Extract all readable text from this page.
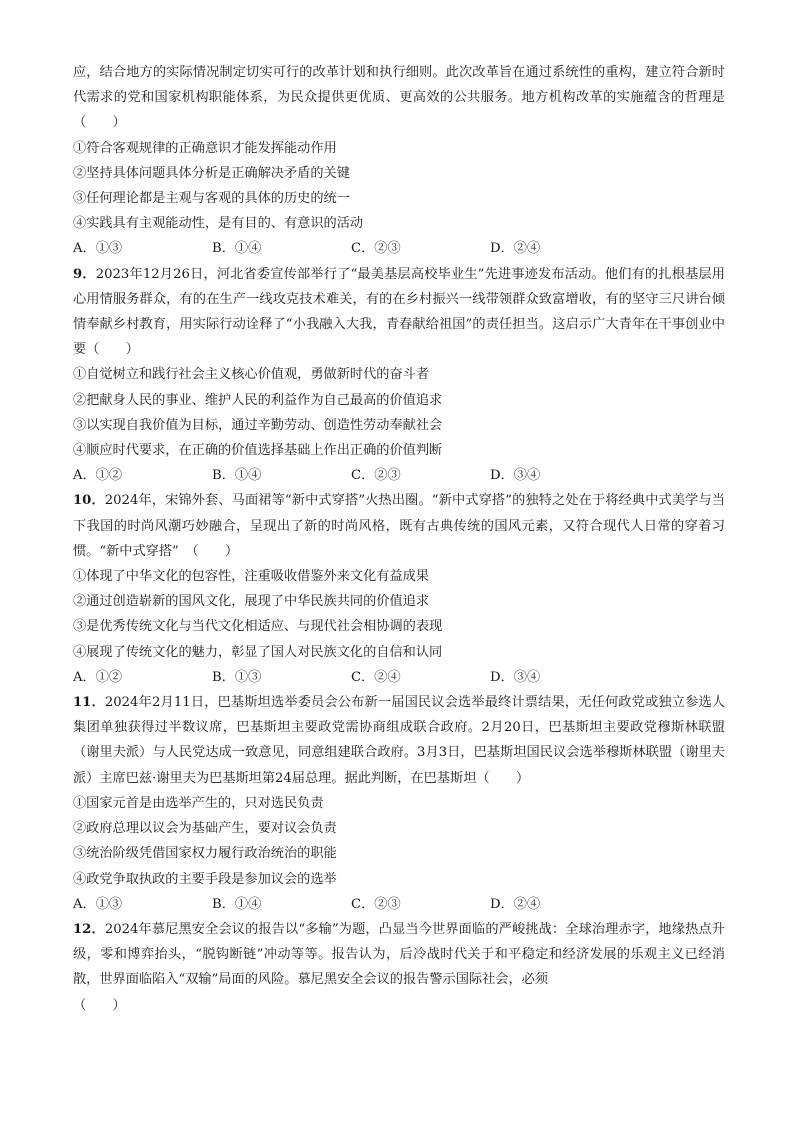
应，结合地方的实际情况制定切实可行的改革计划和执行细则。此次改革旨在通过系统性的重构，建立符合新时代需求的党和国家机构职能体系，为民众提供更优质、更高效的公共服务。地方机构改革的实施蕴含的哲理是（　　）

①符合客观规律的正确意识才能发挥能动作用

②坚持具体问题具体分析是正确解决矛盾的关键

③任何理论都是主观与客观的具体的历史的统一

④实践具有主观能动性，是有目的、有意识的活动

A．①③	B．①④	C．②③	D．②④

9．2023年12月26日，河北省委宣传部举行了“最美基层高校毕业生”先进事迹发布活动。他们有的扎根基层用心用情服务群众，有的在生产一线攻克技术难关，有的在乡村振兴一线带领群众致富增收，有的坚守三尺讲台倾情奉献乡村教育，用实际行动诠释了“小我融入大我，青春献给祖国”的责任担当。这启示广大青年在干事创业中要（　　）

①自觉树立和践行社会主义核心价值观，勇做新时代的奋斗者

②把献身人民的事业、维护人民的利益作为自己最高的价值追求

③以实现自我价值为目标，通过辛勤劳动、创造性劳动奉献社会

④顺应时代要求，在正确的价值选择基础上作出正确的价值判断

A．①②	B．①④	C．②③	D．③④

10．2024年，宋锦外套、马面裙等“新中式穿搭”火热出圈。“新中式穿搭”的独特之处在于将经典中式美学与当下我国的时尚风潮巧妙融合，呈现出了新的时尚风格，既有古典传统的国风元素，又符合现代人日常的穿着习惯。“新中式穿搭”　（　　）

①体现了中华文化的包容性，注重吸收借鉴外来文化有益成果

②通过创造崭新的国风文化，展现了中华民族共同的价值追求

③是优秀传统文化与当代文化相适应、与现代社会相协调的表现

④展现了传统文化的魅力，彰显了国人对民族文化的自信和认同

A．①②	B．①③	C．②④	D．③④

11．2024年2月11日，巴基斯坦选举委员会公布新一届国民议会选举最终计票结果，无任何政党或独立参选人集团单独获得过半数议席，巴基斯坦主要政党需协商组成联合政府。2月20日，巴基斯坦主要政党穆斯林联盟（谢里夫派）与人民党达成一致意见，同意组建联合政府。3月3日，巴基斯坦国民议会选举穆斯林联盟（谢里夫派）主席巴兹·谢里夫为巴基斯坦第24届总理。据此判断，在巴基斯坦（　　）

①国家元首是由选举产生的，只对选民负责

②政府总理以议会为基础产生，要对议会负责

③统治阶级凭借国家权力履行政治统治的职能

④政党争取执政的主要手段是参加议会的选举

A．①③	B．①④	C．②③	D．②④

12．2024年慕尼黑安全会议的报告以“多输”为题，凸显当今世界面临的严峻挑战：全球治理赤字，地缘热点升级，零和博弈抬头，“脱钩断链”冲动等等。报告认为，后冷战时代关于和平稳定和经济发展的乐观主义已经消散，世界面临陷入“双输”局面的风险。慕尼黑安全会议的报告警示国际社会，必须

（　　）
